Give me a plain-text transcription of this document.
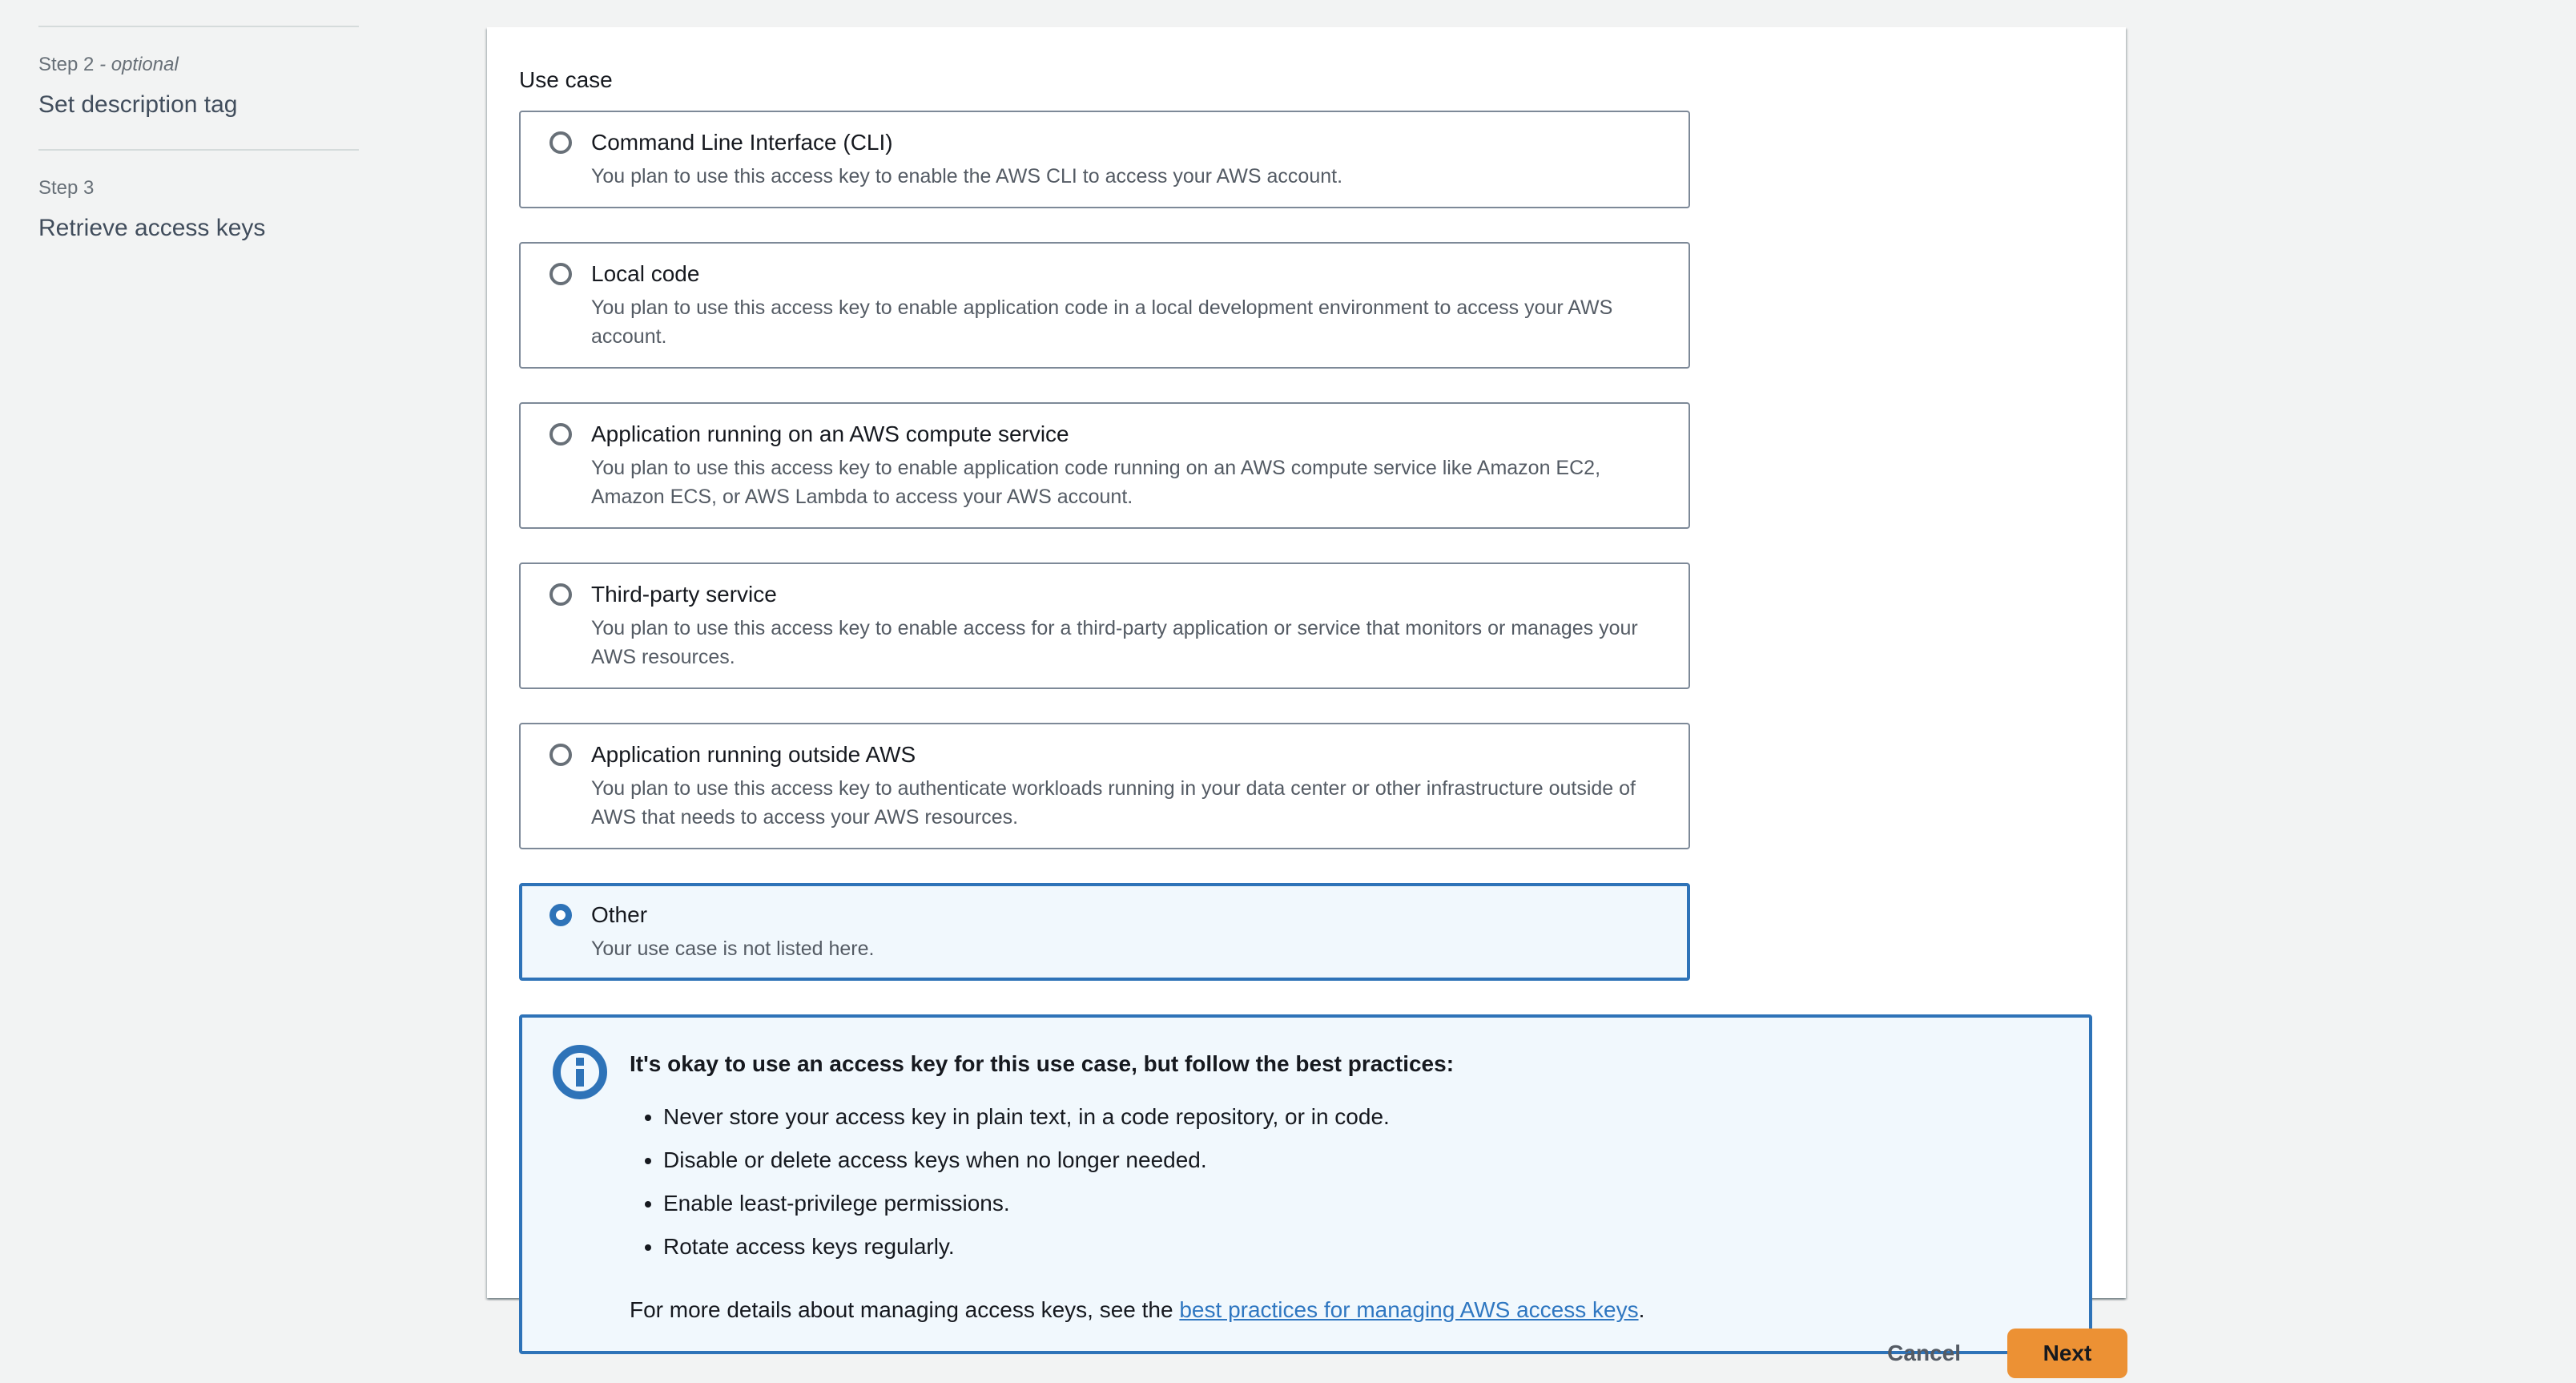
Step 2 - optional
Set description tag
Step 3
Retrieve access keys
Use case
Command Line Interface (CLI)
You plan to use this access key to enable the AWS CLI to access your AWS account.
Local code
You plan to use this access key to enable application code in a local development environment to access your AWS account.
Application running on an AWS compute service
You plan to use this access key to enable application code running on an AWS compute service like Amazon EC2, Amazon ECS, or AWS Lambda to access your AWS account.
Third-party service
You plan to use this access key to enable access for a third-party application or service that monitors or manages your AWS resources.
Application running outside AWS
You plan to use this access key to authenticate workloads running in your data center or other infrastructure outside of AWS that needs to access your AWS resources.
Other
Your use case is not listed here.
It's okay to use an access key for this use case, but follow the best practices:
• Never store your access key in plain text, in a code repository, or in code.
• Disable or delete access keys when no longer needed.
• Enable least-privilege permissions.
• Rotate access keys regularly.
For more details about managing access keys, see the best practices for managing AWS access keys.
Cancel	Next
